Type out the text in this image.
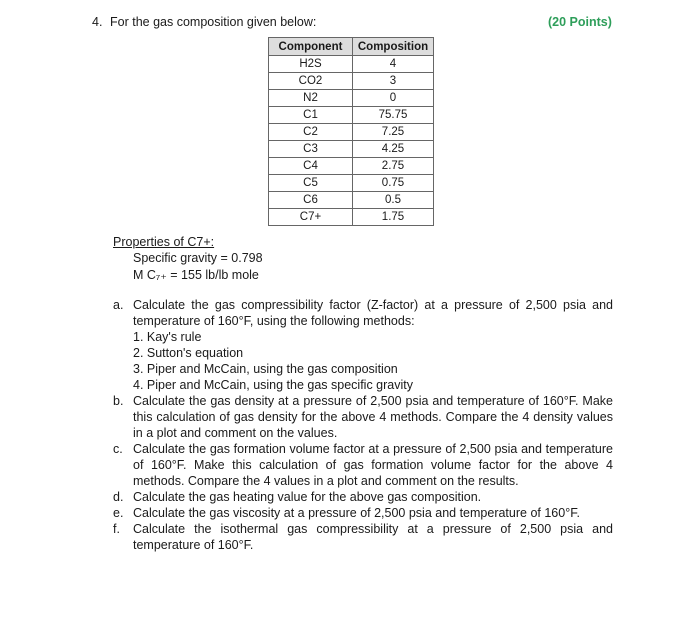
4. For the gas composition given below:	(20 Points)
Component	Composition
H2S	4
CO2	3
N2	0
C1	75.75
C2	7.25
C3	4.25
C4	2.75
C5	0.75
C6	0.5
C7+	1.75
Properties of C7+:
Specific gravity = 0.798
M C₇₊ = 155 lb/lb mole
a. Calculate the gas compressibility factor (Z-factor) at a pressure of 2,500 psia and temperature of 160°F, using the following methods:
1. Kay's rule
2. Sutton's equation
3. Piper and McCain, using the gas composition
4. Piper and McCain, using the gas specific gravity
b. Calculate the gas density at a pressure of 2,500 psia and temperature of 160°F. Make this calculation of gas density for the above 4 methods. Compare the 4 density values in a plot and comment on the values.
c. Calculate the gas formation volume factor at a pressure of 2,500 psia and temperature of 160°F. Make this calculation of gas formation volume factor for the above 4 methods. Compare the 4 values in a plot and comment on the results.
d. Calculate the gas heating value for the above gas composition.
e. Calculate the gas viscosity at a pressure of 2,500 psia and temperature of 160°F.
f. Calculate the isothermal gas compressibility at a pressure of 2,500 psia and temperature of 160°F.
